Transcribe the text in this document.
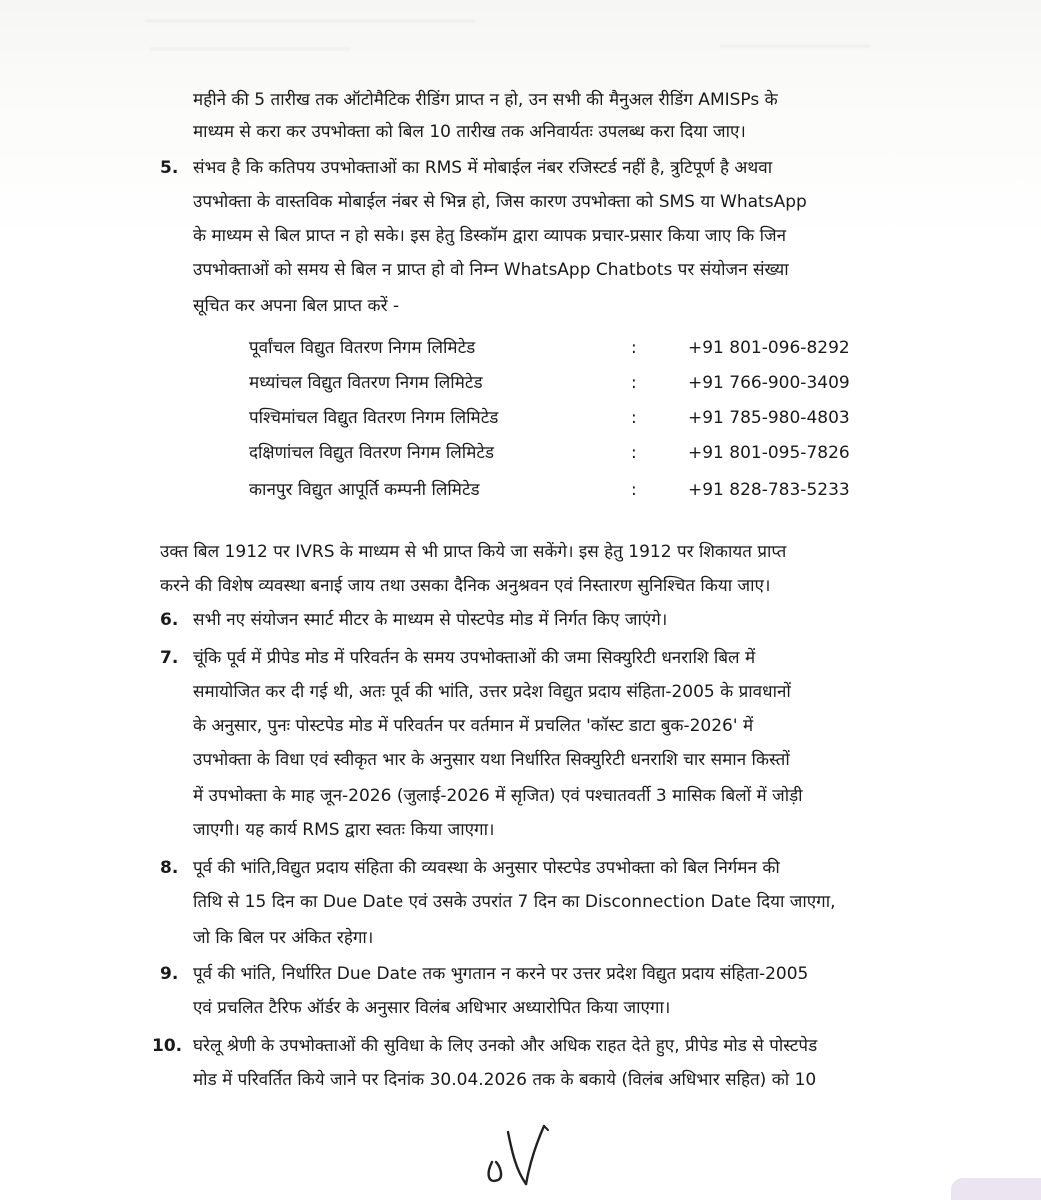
महीने की 5 तारीख तक ऑटोमैटिक रीडिंग प्राप्त न हो, उन सभी की मैनुअल रीडिंग AMISPs के
माध्यम से करा कर उपभोक्ता को बिल 10 तारीख तक अनिवार्यतः उपलब्ध करा दिया जाए।
5. संभव है कि कतिपय उपभोक्ताओं का RMS में मोबाईल नंबर रजिस्टर्ड नहीं है, त्रुटिपूर्ण है अथवा
उपभोक्ता के वास्तविक मोबाईल नंबर से भिन्न हो, जिस कारण उपभोक्ता को SMS या WhatsApp
के माध्यम से बिल प्राप्त न हो सके। इस हेतु डिस्कॉम द्वारा व्यापक प्रचार-प्रसार किया जाए कि जिन
उपभोक्ताओं को समय से बिल न प्राप्त हो वो निम्न WhatsApp Chatbots पर संयोजन संख्या
सूचित कर अपना बिल प्राप्त करें -
पूर्वांचल विद्युत वितरण निगम लिमिटेड	:	+91 801-096-8292
मध्यांचल विद्युत वितरण निगम लिमिटेड	:	+91 766-900-3409
पश्चिमांचल विद्युत वितरण निगम लिमिटेड	:	+91 785-980-4803
दक्षिणांचल विद्युत वितरण निगम लिमिटेड	:	+91 801-095-7826
कानपुर विद्युत आपूर्ति कम्पनी लिमिटेड	:	+91 828-783-5233
उक्त बिल 1912 पर IVRS के माध्यम से भी प्राप्त किये जा सकेंगे। इस हेतु 1912 पर शिकायत प्राप्त
करने की विशेष व्यवस्था बनाई जाय तथा उसका दैनिक अनुश्रवन एवं निस्तारण सुनिश्चित किया जाए।
6. सभी नए संयोजन स्मार्ट मीटर के माध्यम से पोस्टपेड मोड में निर्गत किए जाएंगे।
7. चूंकि पूर्व में प्रीपेड मोड में परिवर्तन के समय उपभोक्ताओं की जमा सिक्युरिटी धनराशि बिल में
समायोजित कर दी गई थी, अतः पूर्व की भांति, उत्तर प्रदेश विद्युत प्रदाय संहिता-2005 के प्रावधानों
के अनुसार, पुनः पोस्टपेड मोड में परिवर्तन पर वर्तमान में प्रचलित 'कॉस्ट डाटा बुक-2026' में
उपभोक्ता के विधा एवं स्वीकृत भार के अनुसार यथा निर्धारित सिक्युरिटी धनराशि चार समान किस्तों
में उपभोक्ता के माह जून-2026 (जुलाई-2026 में सृजित) एवं पश्चातवर्ती 3 मासिक बिलों में जोड़ी
जाएगी। यह कार्य RMS द्वारा स्वतः किया जाएगा।
8. पूर्व की भांति,विद्युत प्रदाय संहिता की व्यवस्था के अनुसार पोस्टपेड उपभोक्ता को बिल निर्गमन की
तिथि से 15 दिन का Due Date एवं उसके उपरांत 7 दिन का Disconnection Date दिया जाएगा,
जो कि बिल पर अंकित रहेगा।
9. पूर्व की भांति, निर्धारित Due Date तक भुगतान न करने पर उत्तर प्रदेश विद्युत प्रदाय संहिता-2005
एवं प्रचलित टैरिफ ऑर्डर के अनुसार विलंब अधिभार अध्यारोपित किया जाएगा।
10. घरेलू श्रेणी के उपभोक्ताओं की सुविधा के लिए उनको और अधिक राहत देते हुए, प्रीपेड मोड से पोस्टपेड
मोड में परिवर्तित किये जाने पर दिनांक 30.04.2026 तक के बकाये (विलंब अधिभार सहित) को 10
